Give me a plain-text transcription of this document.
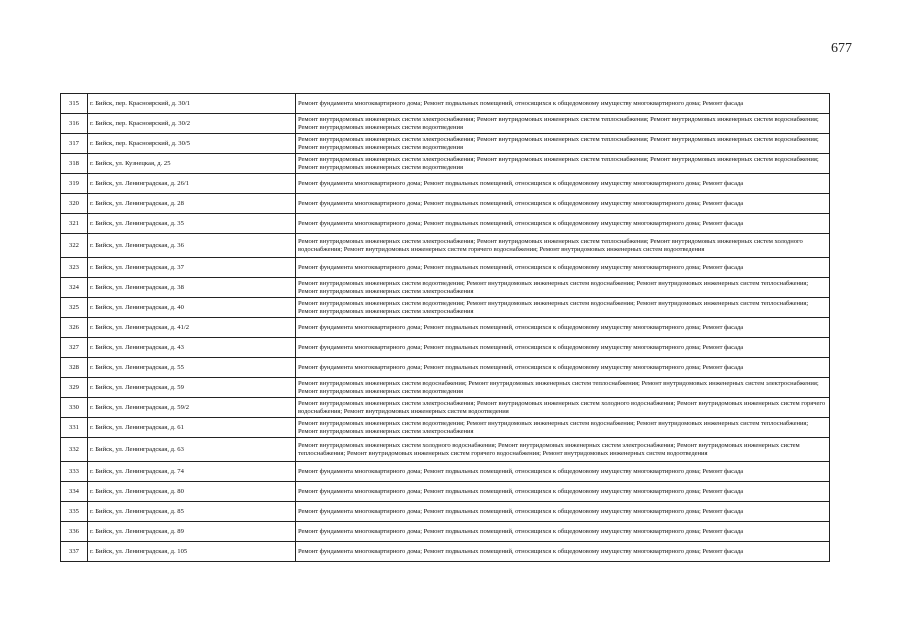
677
315	г. Бийск, пер. Красноярский, д. 30/1	Ремонт фундамента многоквартирного дома; Ремонт подвальных помещений, относящихся к общедомовому имуществу многоквартирного дома; Ремонт фасада
316	г. Бийск, пер. Красноярский, д. 30/2	Ремонт внутридомовых инженерных систем электроснабжения; Ремонт внутридомовых инженерных систем теплоснабжения; Ремонт внутридомовых инженерных систем водоснабжения; Ремонт внутридомовых инженерных систем водоотведения
317	г. Бийск, пер. Красноярский, д. 30/5	Ремонт внутридомовых инженерных систем электроснабжения; Ремонт внутридомовых инженерных систем теплоснабжения; Ремонт внутридомовых инженерных систем водоснабжения; Ремонт внутридомовых инженерных систем водоотведения
318	г. Бийск, ул. Кузнецкая, д. 25	Ремонт внутридомовых инженерных систем электроснабжения; Ремонт внутридомовых инженерных систем теплоснабжения; Ремонт внутридомовых инженерных систем водоснабжения; Ремонт внутридомовых инженерных систем водоотведения
319	г. Бийск, ул. Ленинградская, д. 26/1	Ремонт фундамента многоквартирного дома; Ремонт подвальных помещений, относящихся к общедомовому имуществу многоквартирного дома; Ремонт фасада
320	г. Бийск, ул. Ленинградская, д. 28	Ремонт фундамента многоквартирного дома; Ремонт подвальных помещений, относящихся к общедомовому имуществу многоквартирного дома; Ремонт фасада
321	г. Бийск, ул. Ленинградская, д. 35	Ремонт фундамента многоквартирного дома; Ремонт подвальных помещений, относящихся к общедомовому имуществу многоквартирного дома; Ремонт фасада
322	г. Бийск, ул. Ленинградская, д. 36	Ремонт внутридомовых инженерных систем электроснабжения; Ремонт внутридомовых инженерных систем теплоснабжения; Ремонт внутридомовых инженерных систем холодного водоснабжения; Ремонт внутридомовых инженерных систем горячего водоснабжения; Ремонт внутридомовых инженерных систем водоотведения
323	г. Бийск, ул. Ленинградская, д. 37	Ремонт фундамента многоквартирного дома; Ремонт подвальных помещений, относящихся к общедомовому имуществу многоквартирного дома; Ремонт фасада
324	г. Бийск, ул. Ленинградская, д. 38	Ремонт внутридомовых инженерных систем водоотведения; Ремонт внутридомовых инженерных систем водоснабжения; Ремонт внутридомовых инженерных систем теплоснабжения; Ремонт внутридомовых инженерных систем электроснабжения
325	г. Бийск, ул. Ленинградская, д. 40	Ремонт внутридомовых инженерных систем водоотведения; Ремонт внутридомовых инженерных систем водоснабжения; Ремонт внутридомовых инженерных систем теплоснабжения; Ремонт внутридомовых инженерных систем электроснабжения
326	г. Бийск, ул. Ленинградская, д. 41/2	Ремонт фундамента многоквартирного дома; Ремонт подвальных помещений, относящихся к общедомовому имуществу многоквартирного дома; Ремонт фасада
327	г. Бийск, ул. Ленинградская, д. 43	Ремонт фундамента многоквартирного дома; Ремонт подвальных помещений, относящихся к общедомовому имуществу многоквартирного дома; Ремонт фасада
328	г. Бийск, ул. Ленинградская, д. 55	Ремонт фундамента многоквартирного дома; Ремонт подвальных помещений, относящихся к общедомовому имуществу многоквартирного дома; Ремонт фасада
329	г. Бийск, ул. Ленинградская, д. 59	Ремонт внутридомовых инженерных систем водоснабжения; Ремонт внутридомовых инженерных систем теплоснабжения; Ремонт внутридомовых инженерных систем электроснабжения; Ремонт внутридомовых инженерных систем водоотведения
330	г. Бийск, ул. Ленинградская, д. 59/2	Ремонт внутридомовых инженерных систем электроснабжения; Ремонт внутридомовых инженерных систем холодного водоснабжения; Ремонт внутридомовых инженерных систем горячего водоснабжения; Ремонт внутридомовых инженерных систем водоотведения
331	г. Бийск, ул. Ленинградская, д. 61	Ремонт внутридомовых инженерных систем водоотведения; Ремонт внутридомовых инженерных систем водоснабжения; Ремонт внутридомовых инженерных систем теплоснабжения; Ремонт внутридомовых инженерных систем электроснабжения
332	г. Бийск, ул. Ленинградская, д. 63	Ремонт внутридомовых инженерных систем холодного водоснабжения; Ремонт внутридомовых инженерных систем электроснабжения; Ремонт внутридомовых инженерных систем теплоснабжения; Ремонт внутридомовых инженерных систем горячего водоснабжения; Ремонт внутридомовых инженерных систем водоотведения
333	г. Бийск, ул. Ленинградская, д. 74	Ремонт фундамента многоквартирного дома; Ремонт подвальных помещений, относящихся к общедомовому имуществу многоквартирного дома; Ремонт фасада
334	г. Бийск, ул. Ленинградская, д. 80	Ремонт фундамента многоквартирного дома; Ремонт подвальных помещений, относящихся к общедомовому имуществу многоквартирного дома; Ремонт фасада
335	г. Бийск, ул. Ленинградская, д. 85	Ремонт фундамента многоквартирного дома; Ремонт подвальных помещений, относящихся к общедомовому имуществу многоквартирного дома; Ремонт фасада
336	г. Бийск, ул. Ленинградская, д. 89	Ремонт фундамента многоквартирного дома; Ремонт подвальных помещений, относящихся к общедомовому имуществу многоквартирного дома; Ремонт фасада
337	г. Бийск, ул. Ленинградская, д. 105	Ремонт фундамента многоквартирного дома; Ремонт подвальных помещений, относящихся к общедомовому имуществу многоквартирного дома; Ремонт фасада
